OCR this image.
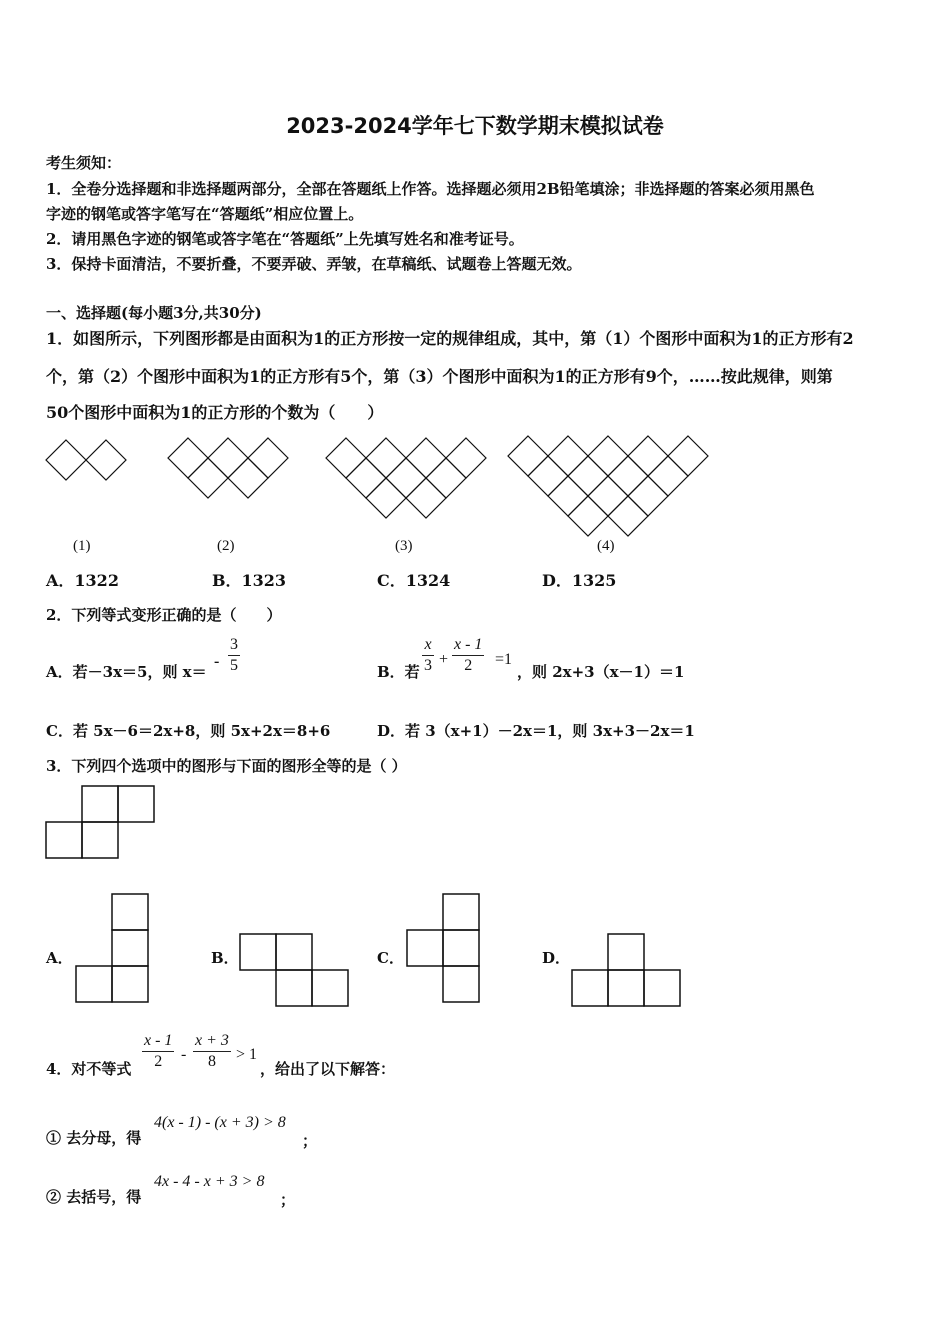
2023-2024学年七下数学期末模拟试卷
考生须知：
1．全卷分选择题和非选择题两部分，全部在答题纸上作答。选择题必须用2B铅笔填涂；非选择题的答案必须用黑色
字迹的钢笔或答字笔写在“答题纸”相应位置上。
2．请用黑色字迹的钢笔或答字笔在“答题纸”上先填写姓名和准考证号。
3．保持卡面清洁，不要折叠，不要弄破、弄皱，在草稿纸、试题卷上答题无效。
一、选择题(每小题3分,共30分)
1．如图所示，下列图形都是由面积为1的正方形按一定的规律组成，其中，第（1）个图形中面积为1的正方形有2
个，第（2）个图形中面积为1的正方形有5个，第（3）个图形中面积为1的正方形有9个，……按此规律，则第
50个图形中面积为1的正方形的个数为（　　）
(1)	(2)	(3)	(4)
A．1322	B．1323	C．1324	D．1325
2．下列等式变形正确的是（　　）
A．若－3x＝5，则 x＝
-
3
5	B．若
x
3 +
x - 1
2	=1
，则 2x+3（x－1）＝1
C．若 5x－6＝2x+8，则 5x+2x＝8+6	D．若 3（x+1）－2x＝1，则 3x+3－2x＝1
3．下列四个选项中的图形与下面的图形全等的是（ ）
A．	B．	C．	D．
4．对不等式
x - 1
2	-
x + 3
8	> 1
，给出了以下解答：
① 去分母，得
4(x - 1) - (x + 3) > 8
；
② 去括号，得
4x - 4 - x + 3 > 8
；
